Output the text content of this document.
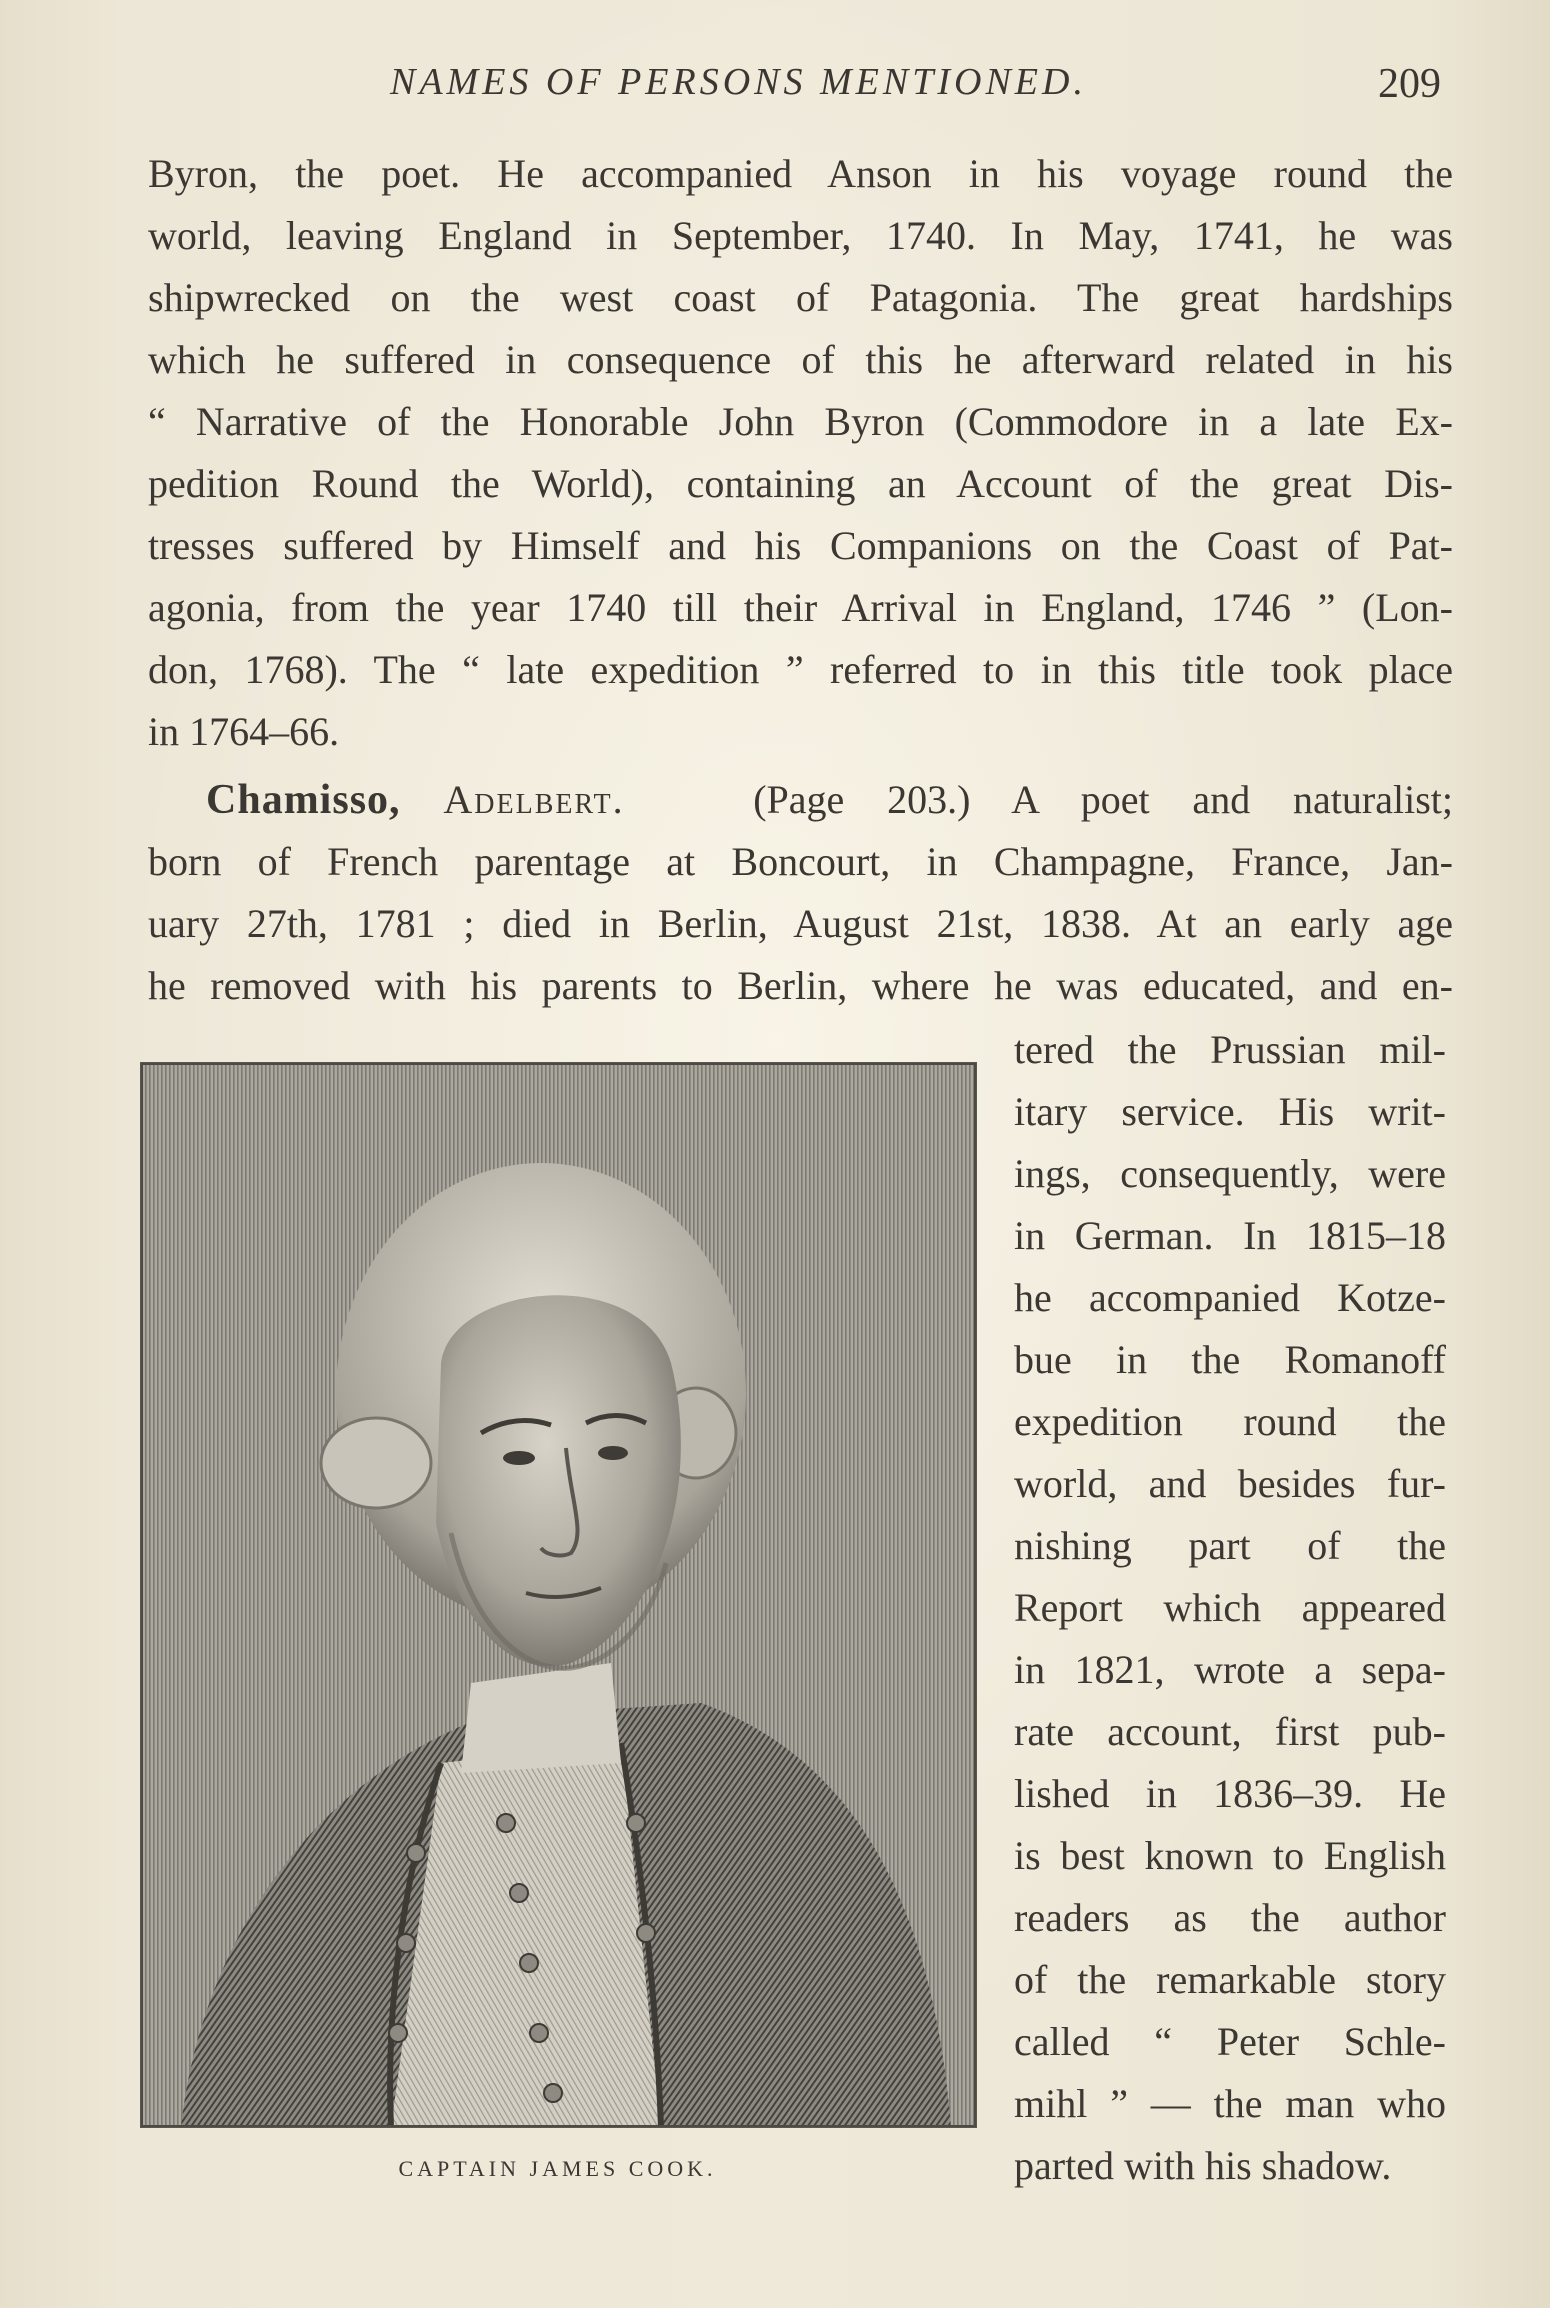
NAMES OF PERSONS MENTIONED.	209
Byron, the poet. He accompanied Anson in his voyage round the
world, leaving England in September, 1740. In May, 1741, he was
shipwrecked on the west coast of Patagonia. The great hardships
which he suffered in consequence of this he afterward related in his
“ Narrative of the Honorable John Byron (Commodore in a late Ex-
pedition Round the World), containing an Account of the great Dis-
tresses suffered by Himself and his Companions on the Coast of Pat-
agonia, from the year 1740 till their Arrival in England, 1746 ” (Lon-
don, 1768). The “ late expedition ” referred to in this title took place
in 1764–66.
Chamisso, Adelbert.	(Page 203.) A poet and naturalist;
born of French parentage at Boncourt, in Champagne, France, Jan-
uary 27th, 1781 ; died in Berlin, August 21st, 1838. At an early age
he removed with his parents to Berlin, where he was educated, and en-
tered the Prussian mil-
itary service. His writ-
ings, consequently, were
in German. In 1815–18
he accompanied Kotze-
bue in the Romanoff
expedition round the
world, and besides fur-
nishing part of the
Report which appeared
in 1821, wrote a sepa-
rate account, first pub-
lished in 1836–39. He
is best known to English
readers as the author
of the remarkable story
called “ Peter Schle-
mihl ” — the man who
parted with his shadow.
CAPTAIN JAMES COOK.
